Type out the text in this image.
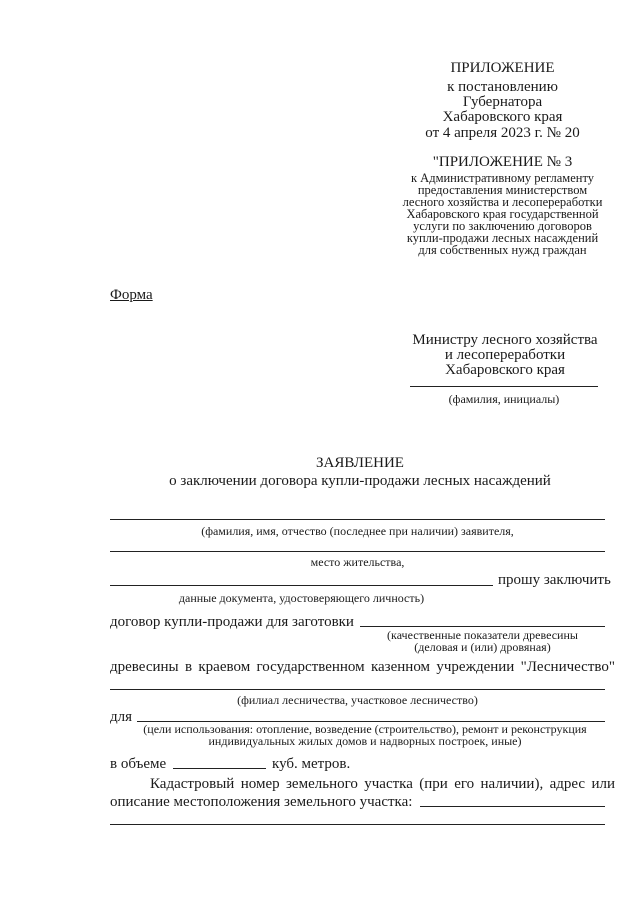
ПРИЛОЖЕНИЕ
к постановлению
Губернатора
Хабаровского края
от 4 апреля 2023 г. № 20
"ПРИЛОЖЕНИЕ № 3
к Административному регламенту
предоставления министерством
лесного хозяйства и лесопереработки
Хабаровского края государственной
услуги по заключению договоров
купли-продажи лесных насаждений
для собственных нужд граждан
Форма
Министру лесного хозяйства
и лесопереработки
Хабаровского края
(фамилия, инициалы)
ЗАЯВЛЕНИЕ
о заключении договора купли-продажи лесных насаждений
(фамилия, имя, отчество (последнее при наличии) заявителя,
место жительства,
прошу заключить
данные документа, удостоверяющего личность)
договор купли-продажи для заготовки
(качественные показатели древесины
(деловая и (или) дровяная)
древесины в краевом государственном казенном учреждении "Лесничество"
(филиал лесничества, участковое лесничество)
для
(цели использования: отопление, возведение (строительство), ремонт и реконструкция
индивидуальных жилых домов и надворных построек, иные)
в объеме	куб. метров.
Кадастровый номер земельного участка (при его наличии), адрес или
описание местоположения земельного участка:
